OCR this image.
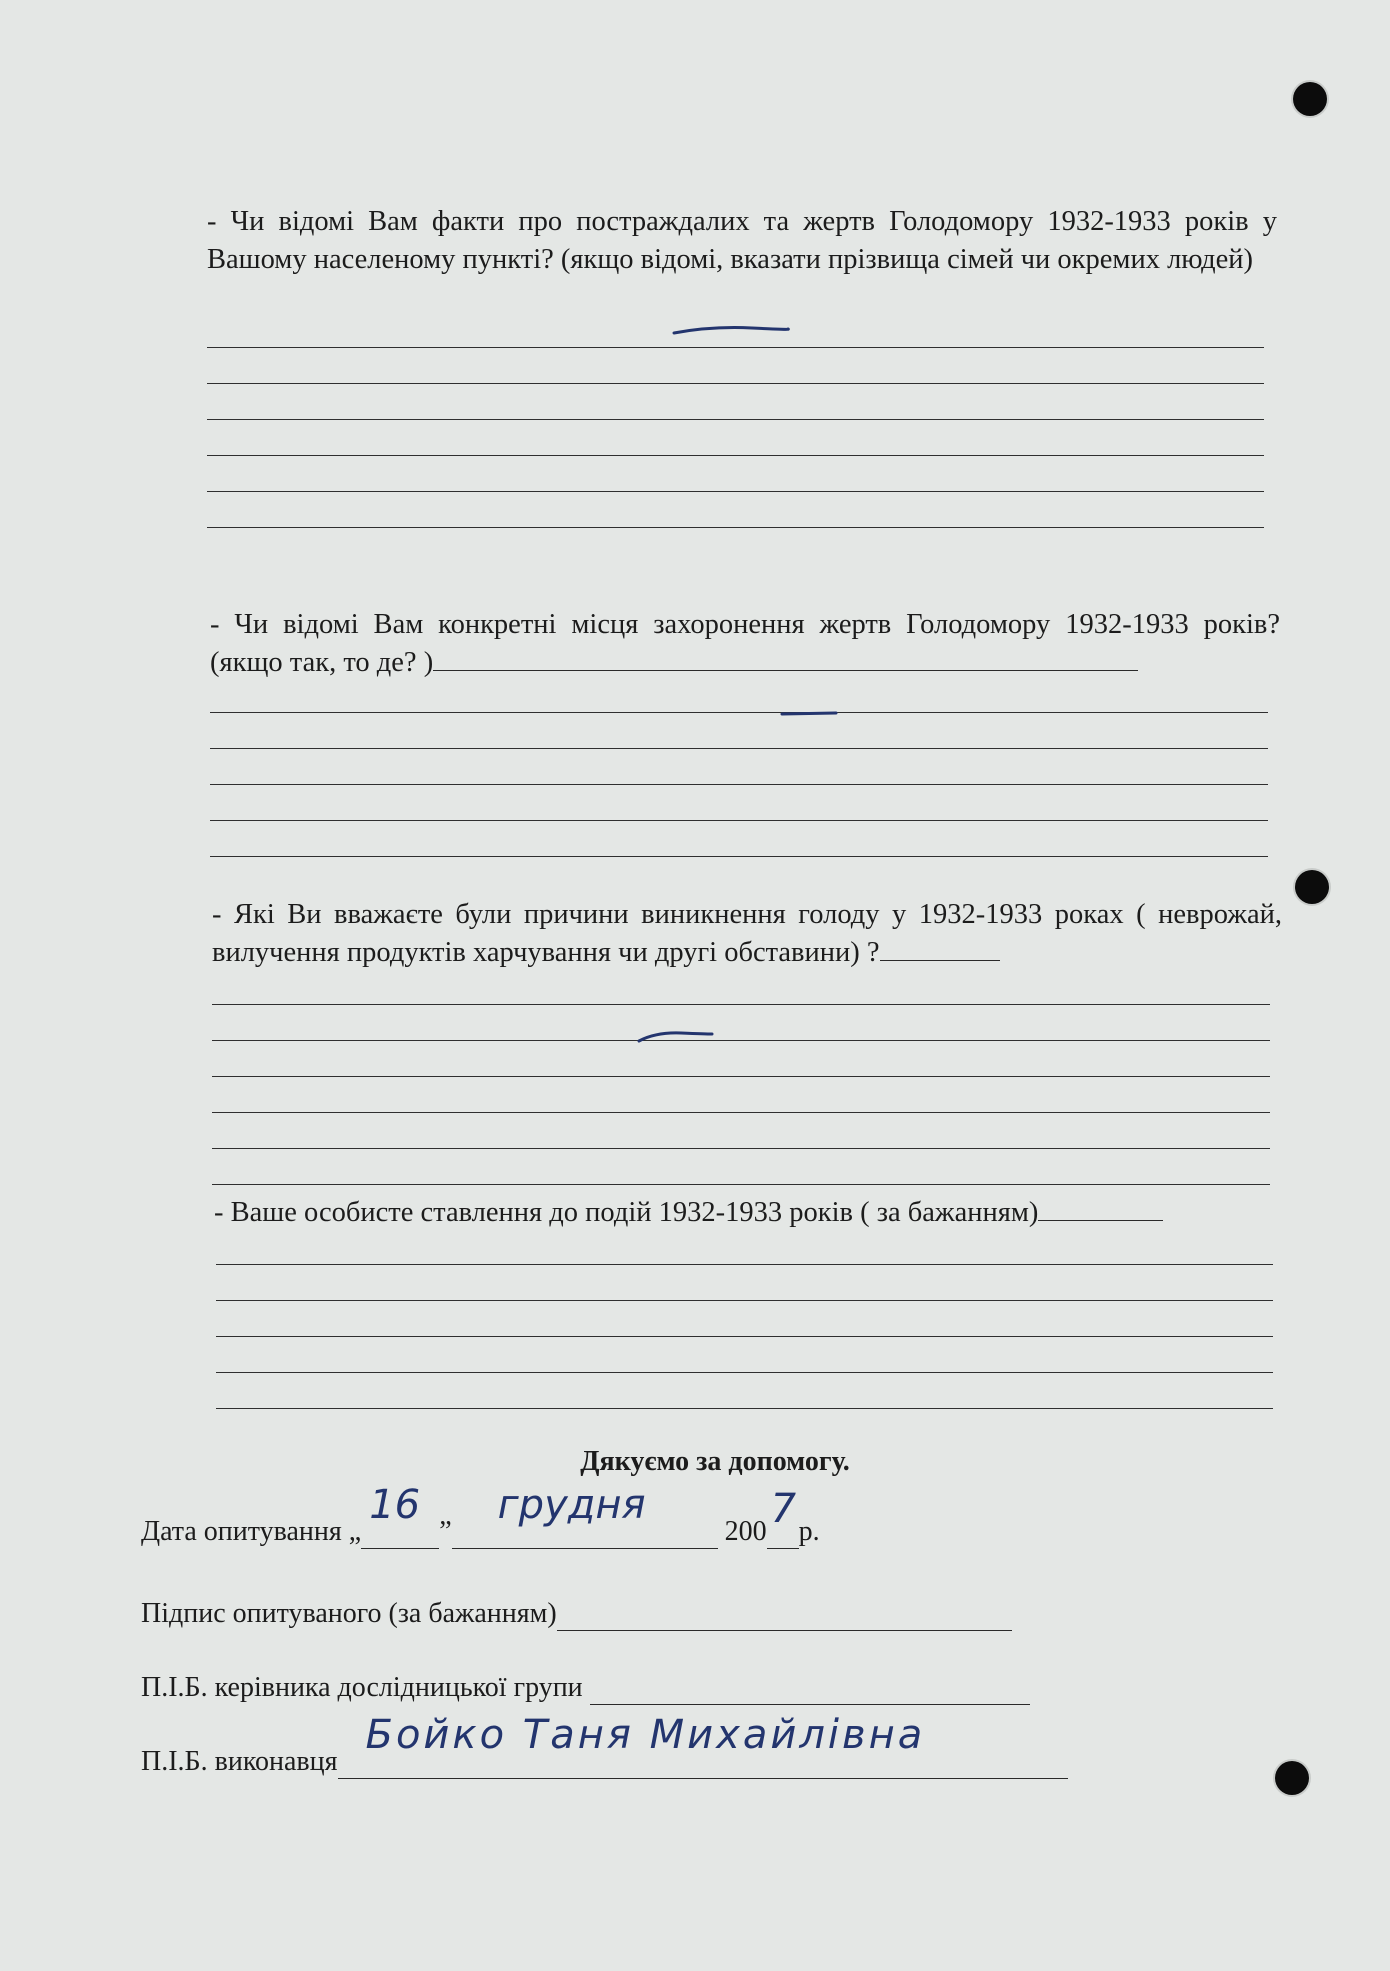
- Чи відомі Вам факти про постраждалих та жертв Голодомору 1932-1933 років у Вашому населеному пункті? (якщо відомі, вказати прізвища сімей чи окремих людей)
- Чи відомі Вам конкретні місця захоронення жертв Голодомору 1932-1933 років? (якщо так, то де? )
- Які Ви вважаєте були причини виникнення голоду у 1932-1933 роках ( неврожай, вилучення продуктів харчування чи другі обставини) ?
- Ваше особисте ставлення до подій 1932-1933 років ( за бажанням)
Дякуємо за допомогу.
Дата опитування „
16
”
грудня
200 7 р.
Підпис опитуваного (за бажанням)
П.І.Б. керівника дослідницької групи
П.І.Б. виконавця
Бойко Таня Михайлівна
